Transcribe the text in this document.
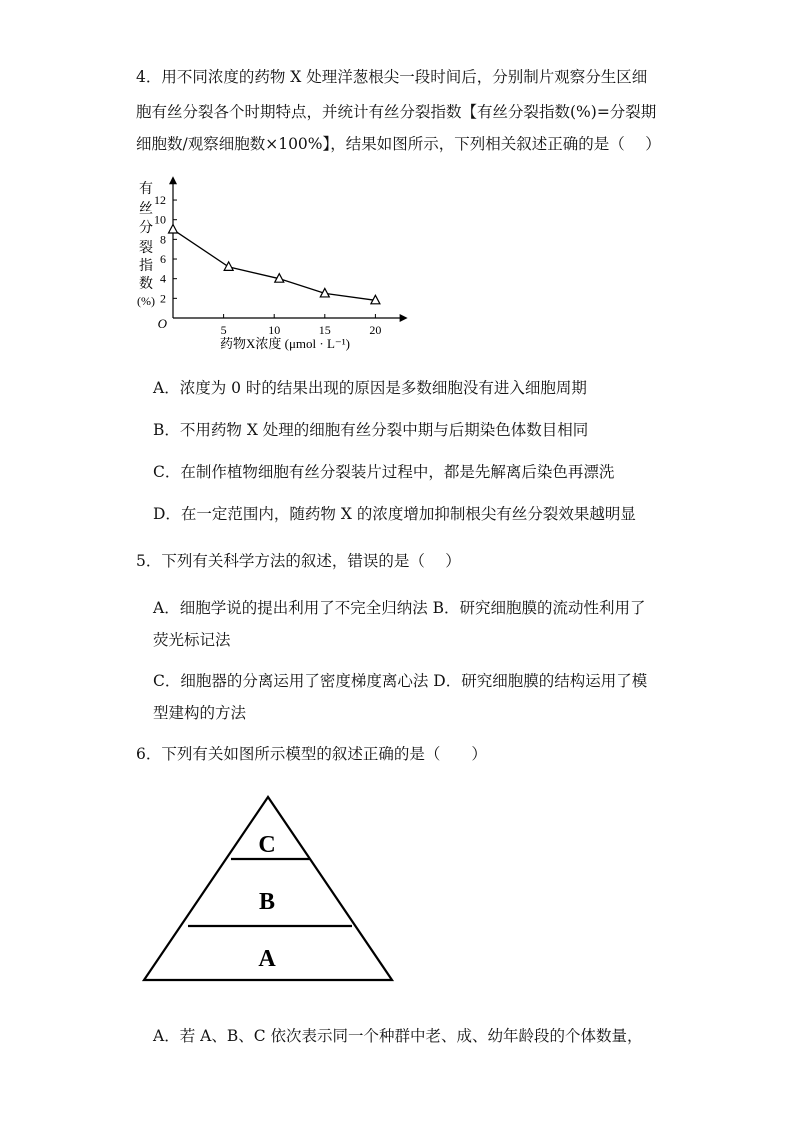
4．用不同浓度的药物 X 处理洋葱根尖一段时间后，分别制片观察分生区细
胞有丝分裂各个时期特点，并统计有丝分裂指数【有丝分裂指数(%)=分裂期
细胞数/观察细胞数×100%】，结果如图所示，下列相关叙述正确的是（　 ）
5	10	15	20
2
4
6
8
10
12
O
有
丝
分
裂
指
数
(%)
药物X浓度 (μmol · L⁻¹)
A．浓度为 0 时的结果出现的原因是多数细胞没有进入细胞周期
B．不用药物 X 处理的细胞有丝分裂中期与后期染色体数目相同
C．在制作植物细胞有丝分裂装片过程中，都是先解离后染色再漂洗
D．在一定范围内，随药物 X 的浓度增加抑制根尖有丝分裂效果越明显
5．下列有关科学方法的叙述，错误的是（　 ）
A．细胞学说的提出利用了不完全归纳法 B．研究细胞膜的流动性利用了
荧光标记法
C．细胞器的分离运用了密度梯度离心法 D．研究细胞膜的结构运用了模
型建构的方法
6．下列有关如图所示模型的叙述正确的是（　　）
C
B
A
A．若 A、B、C 依次表示同一个种群中老、成、幼年龄段的个体数量，
